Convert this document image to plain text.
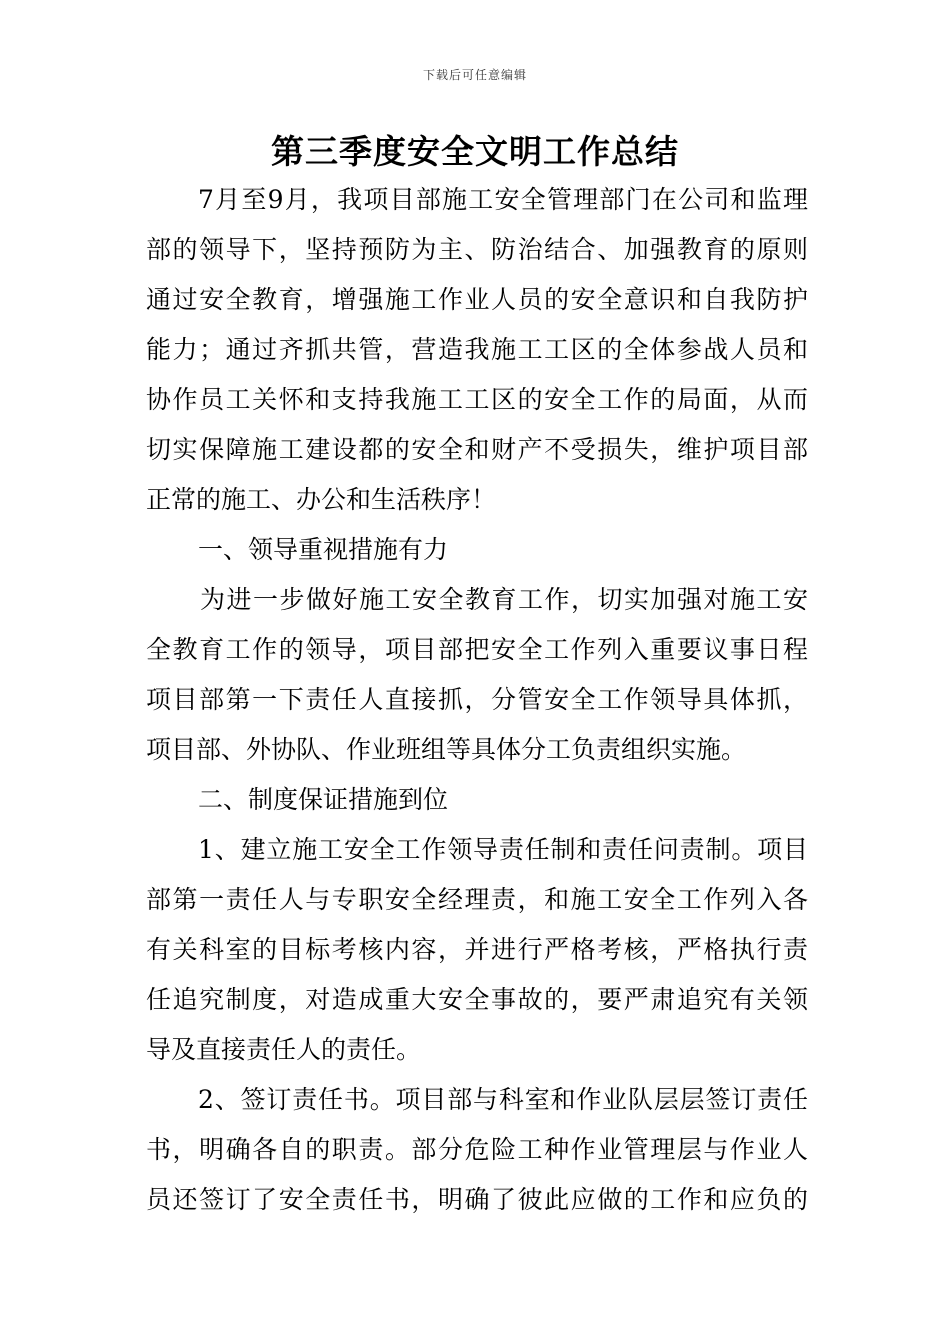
下载后可任意编辑
第三季度安全文明工作总结
7月至9月，我项目部施工安全管理部门在公司和监理
部的领导下，坚持预防为主、防治结合、加强教育的原则
通过安全教育，增强施工作业人员的安全意识和自我防护
能力；通过齐抓共管，营造我施工工区的全体参战人员和
协作员工关怀和支持我施工工区的安全工作的局面，从而
切实保障施工建设都的安全和财产不受损失，维护项目部
正常的施工、办公和生活秩序！
一、领导重视措施有力
为进一步做好施工安全教育工作，切实加强对施工安
全教育工作的领导，项目部把安全工作列入重要议事日程
项目部第一下责任人直接抓，分管安全工作领导具体抓，
项目部、外协队、作业班组等具体分工负责组织实施。
二、制度保证措施到位
1、建立施工安全工作领导责任制和责任问责制。项目
部第一责任人与专职安全经理责，和施工安全工作列入各
有关科室的目标考核内容，并进行严格考核，严格执行责
任追究制度，对造成重大安全事故的，要严肃追究有关领
导及直接责任人的责任。
2、签订责任书。项目部与科室和作业队层层签订责任
书，明确各自的职责。部分危险工种作业管理层与作业人
员还签订了安全责任书，明确了彼此应做的工作和应负的
